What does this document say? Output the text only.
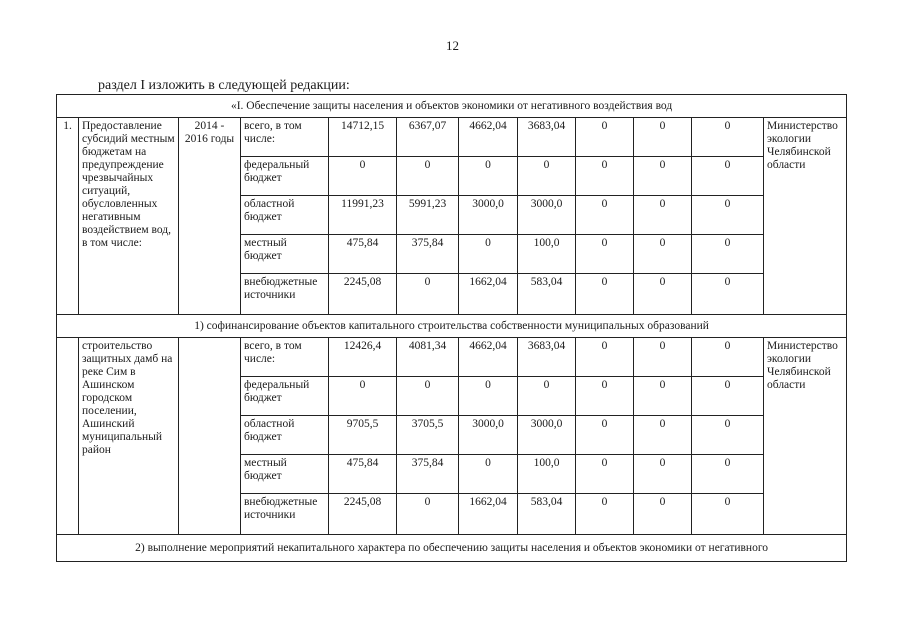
12
раздел I изложить в следующей редакции:
«I. Обеспечение защиты населения и объектов экономики от негативного воздействия вод											
1.	Предоставление субсидий местным бюджетам на предупреждение чрезвычайных ситуаций, обусловленных негативным воздействием вод, в том числе:	2014 - 2016 годы	всего, в том числе:	14712,15	6367,07	4662,04	3683,04	0	0	0	Министерство экологии Челябинской области
			федеральный бюджет	0	0	0	0	0	0	0	
			областной бюджет	11991,23	5991,23	3000,0	3000,0	0	0	0	
			местный бюджет	475,84	375,84	0	100,0	0	0	0	
			внебюджетные источники	2245,08	0	1662,04	583,04	0	0	0	
1) софинансирование объектов капитального строительства собственности муниципальных образований											
	строительство защитных дамб на реке Сим в Ашинском городском поселении, Ашинский муниципальный район		всего, в том числе:	12426,4	4081,34	4662,04	3683,04	0	0	0	Министерство экологии Челябинской области
			федеральный бюджет	0	0	0	0	0	0	0	
			областной бюджет	9705,5	3705,5	3000,0	3000,0	0	0	0	
			местный бюджет	475,84	375,84	0	100,0	0	0	0	
			внебюджетные источники	2245,08	0	1662,04	583,04	0	0	0	
2) выполнение мероприятий некапитального характера по обеспечению защиты населения и объектов экономики от негативного											
